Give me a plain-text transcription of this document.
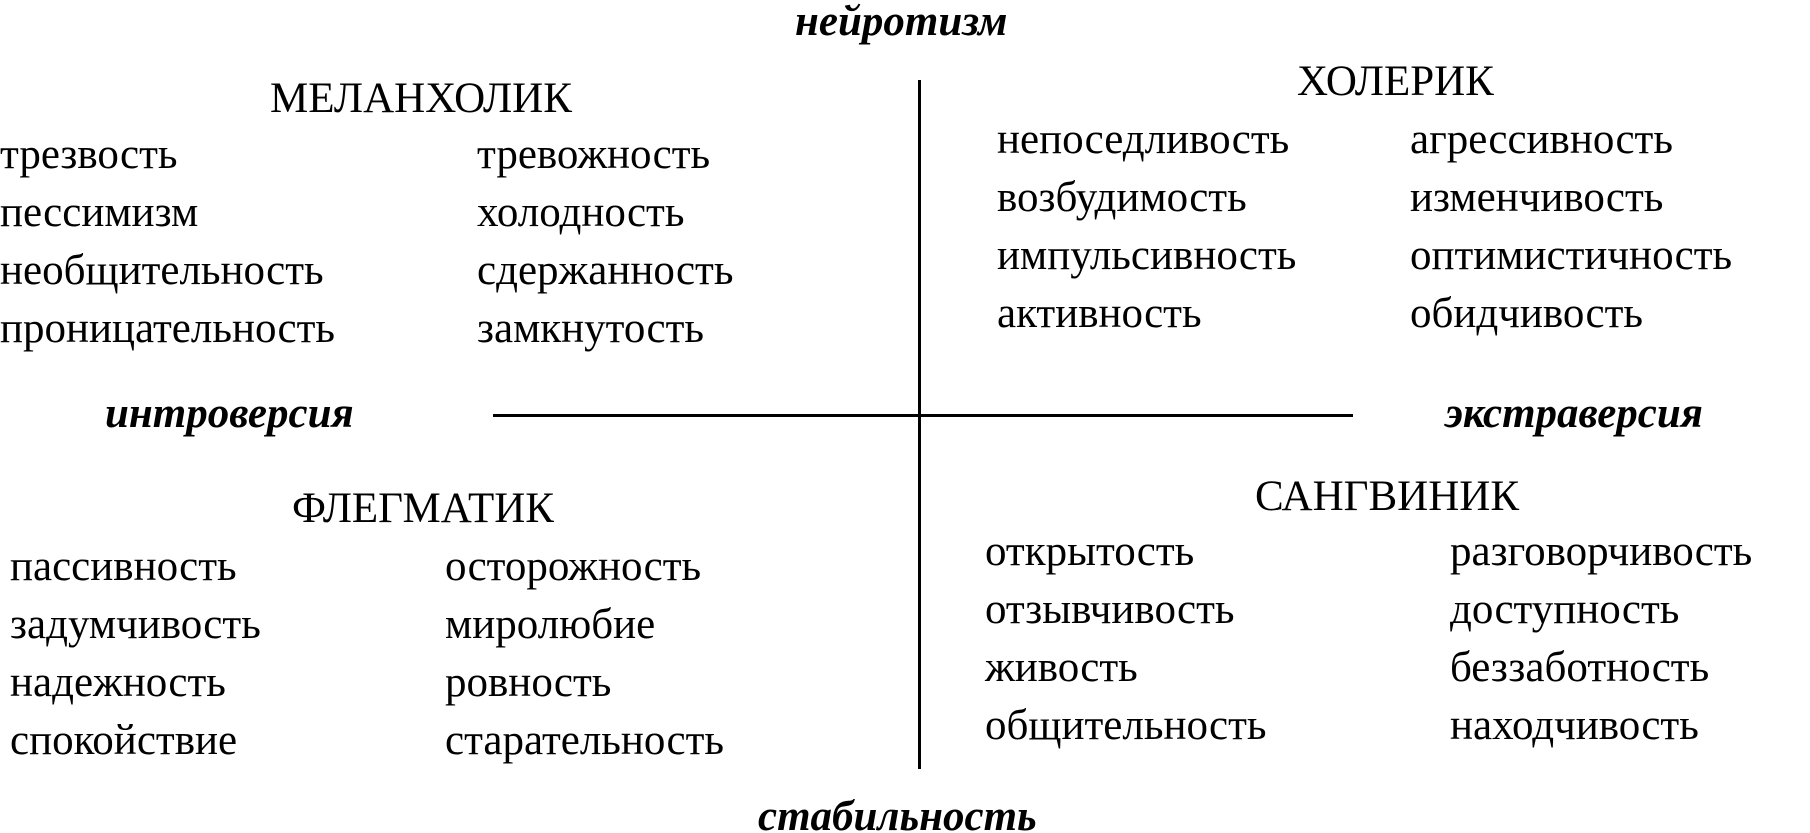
нейротизм
стабильность
интроверсия	экстраверсия
МЕЛАНХОЛИК
трезвость
пессимизм
необщительность
проницательность
тревожность
холодность
сдержанность
замкнутость
ХОЛЕРИК
непоседливость
возбудимость
импульсивность
активность
агрессивность
изменчивость
оптимистичность
обидчивость
ФЛЕГМАТИК
пассивность
задумчивость
надежность
спокойствие
осторожность
миролюбие
ровность
старательность
САНГВИНИК
открытость
отзывчивость
живость
общительность
разговорчивость
доступность
беззаботность
находчивость
